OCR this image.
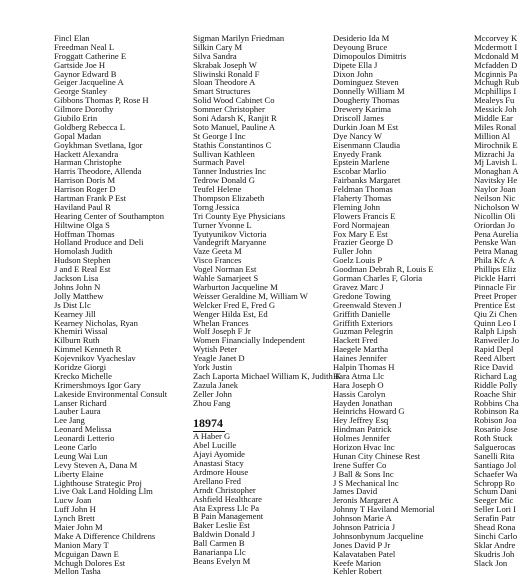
Fincl Elan
Freedman Neal L
Froggatt Catherine E
Gartside Joe H
Gaynor Edward B
Geiger Jacqueline A
George Stanley
Gibbons Thomas P, Rose H
Gilmore Dorothy
Giubilo Erin
Goldberg Rebecca L
Gopal Madan
Goykhman Svetlana, Igor
Hackett Alexandra
Harman Christophe
Harris Theodore, Allenda
Harrison Doris M
Harrison Roger D
Hartman Frank P Est
Haviland Paul R
Hearing Center of Southampton
Hiltwine Olga S
Hoffman Thomas
Holland Produce and Deli
Homolash Judith
Hudson Stephen
J and E Real Est
Jackson Lisa
Johns John N
Jolly Matthew
Js Dist Llc
Kearney Jill
Kearney Nicholas, Ryan
Khemiri Wissal
Kilburn Ruth
Kimmel Kenneth R
Kojevnikov Vyacheslav
Koridze Giorgi
Krecko Michelle
Krimershmoys Igor Gary
Lakeside Environmental Consult
Lanser Richard
Lauber Laura
Lee Jang
Leonard Melissa
Leonardi Letterio
Leone Carlo
Leung Wai Lun
Levy Steven A, Dana M
Liberty Elaine
Lighthouse Strategic Proj
Live Oak Land Holding Llm
Lucw Joan
Luff John H
Lynch Brett
Maier John M
Make A Difference Childrens
Manion Mary T
Mcguigan Dawn E
Mchugh Dolores Est
Mellon Tasha
Sigman Marilyn Friedman
Silkin Cary M
Silva Sandra
Skrabak Joseph W
Sliwinski Ronald F
Sloan Theodore A
Smart Structures
Solid Wood Cabinet Co
Sommer Christopher
Soni Adarsh K, Ranjit R
Soto Manuel, Pauline A
St George I Inc
Stathis Constantinos C
Sullivan Kathleen
Surmach Pavel
Tanner Industries Inc
Tedrow Donald G
Teufel Helene
Thompson Elizabeth
Torng Jessica
Tri County Eye Physicians
Turner Yvonne L
Tyutyunikov Victoria
Vandegrift Maryanne
Vaze Geeta M
Visco Frances
Vogel Norman Est
Wahle Samarjeet S
Warburton Jacqueline M
Weisser Geraldine M, William W
Welcker Fred E, Fred G
Wenger Hilda Est, Ed
Whelan Frances
Wolf Joseph F Jr
Women Financially Independent
Wytish Peter
Yeagle Janet D
York Justin
Zach Laporta Michael William K, Judith K
Zazula Janek
Zeller John
Zhou Fang
18974
A Haber G
Abel Lucille
Ajayi Ayomide
Anastasi Stacy
Ardmore House
Arellano Fred
Arndt Christopher
Ashfield Healthcare
Ata Express Llc Pa
B Pain Management
Baker Leslie Est
Baldwin Donald J
Ball Carmen B
Banarianpa Llc
Beans Evelyn M
Desiderio Ida M
Deyoung Bruce
Dimopoulos Dimitris
Dipete Ella J
Dixon John
Dominguez Steven
Donnelly William M
Dougherty Thomas
Drewery Karima
Driscoll James
Durkin Joan M Est
Dye Nancy W
Eisenmann Claudia
Enyedy Frank
Epstein Marlene
Escobar Marlio
Fairbanks Margaret
Feldman Thomas
Flaherty Thomas
Fleming John
Flowers Francis E
Ford Normajean
Fox Mary E Est
Frazier George D
Fuller John
Goelz Louis P
Goodman Debrah R, Louis E
Gorman Charles F, Gloria
Gravez Marc J
Gredone Towing
Greenwald Steven J
Griffith Danielle
Griffith Exteriors
Guzman Pelegrin
Hackett Fred
Haegele Martha
Haines Jennifer
Halpin Thomas H
Hara Atma Llc
Hara Joseph O
Hassis Carolyn
Hayden Jonathan
Heinrichs Howard G
Hey Jeffrey Esq
Hindman Patrick
Holmes Jennifer
Horizon Hvac Inc
Hunan City Chinese Rest
Irene Suffer Co
J Ball & Sons Inc
J S Mechanical Inc
James David
Jeronis Margaret A
Johnny T Haviland Memorial
Johnson Marie A
Johnson Patricia J
Johnsonbynum Jacqueline
Jones David P Jr
Kalavataben Patel
Keefe Marion
Kehler Robert
Mccorvey K
Mcdermott I
Mcdonald M
Mcfadden D
Mcginnis Pa
Mchugh Rub
Mcphillips I
Mealeys Fu
Messick Joh
Middle Ear
Miles Ronal
Million Al
Mirochnik E
Mizrachi Ja
Mj Lavish L
Monaghan A
Navitsky He
Naylor Joan
Neilson Nic
Nicholson W
Nicollin Oli
Oriordan Jo
Pena Aurelia
Penske Wan
Petra Manag
Phila Kfc A
Phillips Eliz
Pickle Harri
Pinnacle Fir
Preet Proper
Prentice Est
Qiu Zi Chen
Quinn Leo I
Ralph Lipsh
Ranweiler Jo
Rapid Depl
Reed Albert
Rice David
Richard Lag
Riddle Polly
Roache Shir
Robbins Cha
Robinson Ra
Robison Joa
Rosario Jose
Roth Stuck
Salguerocas
Sanelli Rita
Santiago Jol
Schaefer Wa
Schropp Ro
Schum Dani
Seeger Mic
Seller Lori I
Serafin Patr
Shead Rona
Sinchi Carlo
Sklar Andre
Skudris Joh
Slack Jon
